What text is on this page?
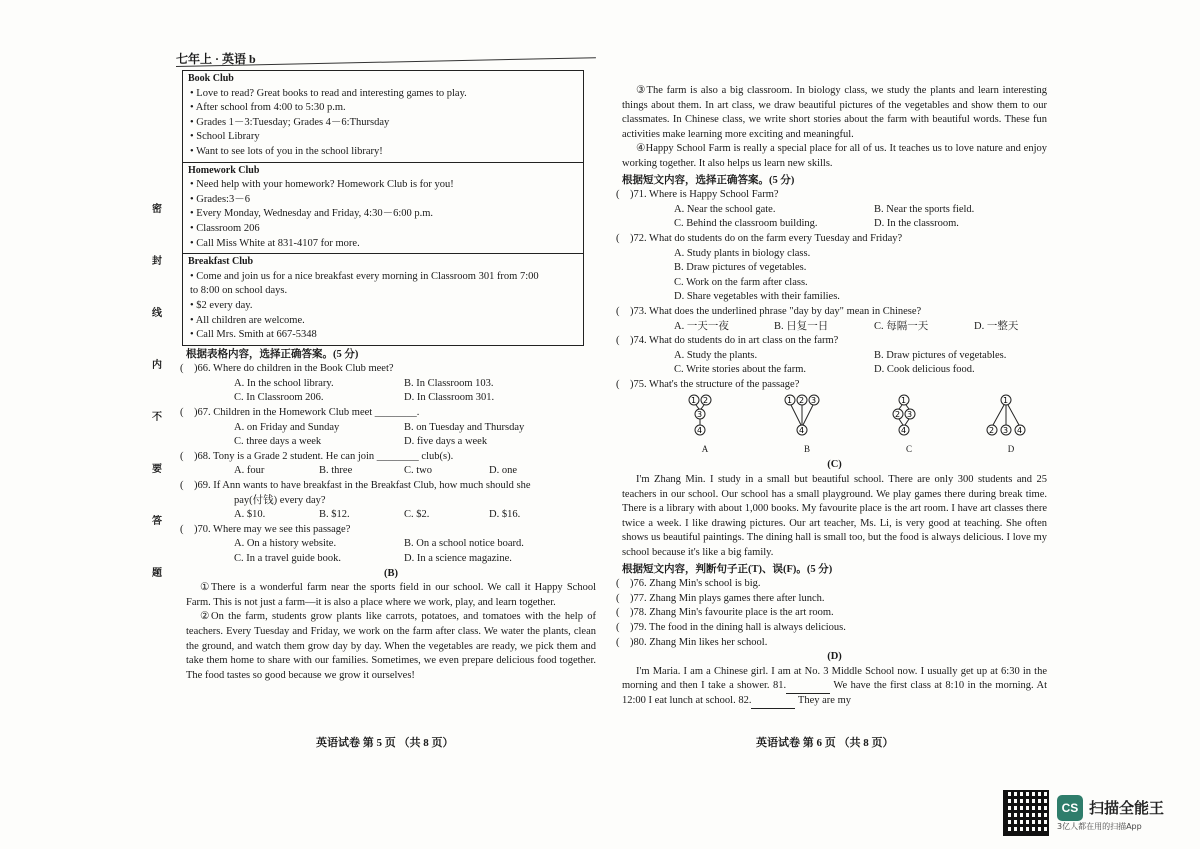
七年上 · 英语 b
密
封
线
内
不
要
答
题
Book Club
• Love to read? Great books to read and interesting games to play.
• After school from 4:00 to 5:30 p.m.
• Grades 1－3:Tuesday; Grades 4－6:Thursday
• School Library
• Want to see lots of you in the school library!
Homework Club
• Need help with your homework? Homework Club is for you!
• Grades:3－6
• Every Monday, Wednesday and Friday, 4:30－6:00 p.m.
• Classroom 206
• Call Miss White at 831-4107 for more.
Breakfast Club
• Come and join us for a nice breakfast every morning in Classroom 301 from 7:00
to 8:00 on school days.
• $2 every day.
• All children are welcome.
• Call Mrs. Smith at 667-5348
根据表格内容，选择正确答案。(5 分)
( )66. Where do children in the Book Club meet?
A. In the school library.	B. In Classroom 103.
C. In Classroom 206.	D. In Classroom 301.
( )67. Children in the Homework Club meet ________.
A. on Friday and Sunday	B. on Tuesday and Thursday
C. three days a week	D. five days a week
( )68. Tony is a Grade 2 student. He can join ________ club(s).
A. four	B. three	C. two	D. one
( )69. If Ann wants to have breakfast in the Breakfast Club, how much should she
pay(付钱) every day?
A. $10.	B. $12.	C. $2.	D. $16.
( )70. Where may we see this passage?
A. On a history website.	B. On a school notice board.
C. In a travel guide book.	D. In a science magazine.
(B)
①There is a wonderful farm near the sports field in our school. We call it Happy School Farm. This is not just a farm—it is also a place where we work, play, and learn together.
②On the farm, students grow plants like carrots, potatoes, and tomatoes with the help of teachers. Every Tuesday and Friday, we work on the farm after class. We water the plants, clean the ground, and watch them grow day by day. When the vegetables are ready, we pick them and take them home to share with our families. Sometimes, we even prepare delicious food together. The food tastes so good because we grow it ourselves!
③The farm is also a big classroom. In biology class, we study the plants and learn interesting things about them. In art class, we draw beautiful pictures of the vegetables and show them to our classmates. In Chinese class, we write short stories about the farm with beautiful words. These fun activities make learning more exciting and meaningful.
④Happy School Farm is really a special place for all of us. It teaches us to love nature and enjoy working together. It also helps us learn new skills.
根据短文内容，选择正确答案。(5 分)
( )71. Where is Happy School Farm?
A. Near the school gate.	B. Near the sports field.
C. Behind the classroom building.	D. In the classroom.
( )72. What do students do on the farm every Tuesday and Friday?
A. Study plants in biology class.
B. Draw pictures of vegetables.
C. Work on the farm after class.
D. Share vegetables with their families.
( )73. What does the underlined phrase "day by day" mean in Chinese?
A. 一天一夜	B. 日复一日	C. 每隔一天	D. 一整天
( )74. What do students do in art class on the farm?
A. Study the plants.	B. Draw pictures of vegetables.
C. Write stories about the farm.	D. Cook delicious food.
( )75. What's the structure of the passage?
1 2
3
4
A
1 2 3
4
B
1
2 3
4
C
1
2 3 4
D
(C)
I'm Zhang Min. I study in a small but beautiful school. There are only 300 students and 25 teachers in our school. Our school has a small playground. We play games there during break time. There is a library with about 1,000 books. My favourite place is the art room. I have art classes there twice a week. I like drawing pictures. Our art teacher, Ms. Li, is very good at teaching. She often shows us beautiful paintings. The dining hall is small too, but the food is always delicious. I love my school because it's like a big family.
根据短文内容，判断句子正(T)、误(F)。(5 分)
( )76. Zhang Min's school is big.
( )77. Zhang Min plays games there after lunch.
( )78. Zhang Min's favourite place is the art room.
( )79. The food in the dining hall is always delicious.
( )80. Zhang Min likes her school.
(D)
I'm Maria. I am a Chinese girl. I am at No. 3 Middle School now. I usually get up at 6:30 in the morning and then I take a shower. 81.	We have the first class at 8:10 in the morning. At 12:00 I eat lunch at school. 82.	They are my
英语试卷 第 5 页 （共 8 页）	英语试卷 第 6 页 （共 8 页）
CS 扫描全能王
3亿人都在用的扫描App
